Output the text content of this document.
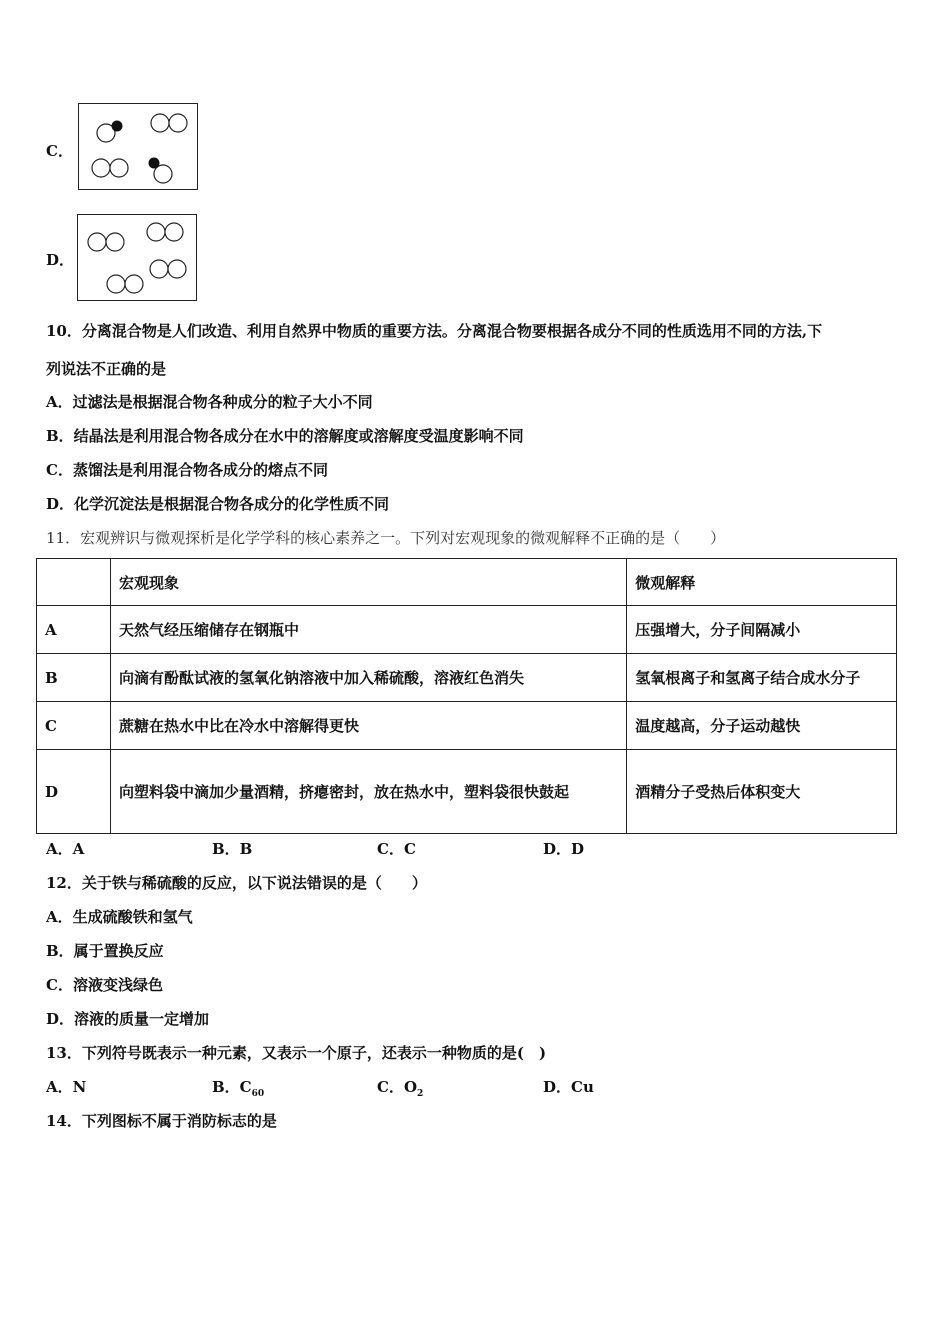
C．
D．
10．分离混合物是人们改造、利用自然界中物质的重要方法。分离混合物要根据各成分不同的性质选用不同的方法,下
列说法不正确的是
A．过滤法是根据混合物各种成分的粒子大小不同
B．结晶法是利用混合物各成分在水中的溶解度或溶解度受温度影响不同
C．蒸馏法是利用混合物各成分的熔点不同
D．化学沉淀法是根据混合物各成分的化学性质不同
11．宏观辨识与微观探析是化学学科的核心素养之一。下列对宏观现象的微观解释不正确的是（　　）
	宏观现象	微观解释
A	天然气经压缩储存在钢瓶中	压强增大，分子间隔减小
B	向滴有酚酞试液的氢氧化钠溶液中加入稀硫酸，溶液红色消失	氢氧根离子和氢离子结合成水分子
C	蔗糖在热水中比在冷水中溶解得更快	温度越高，分子运动越快
D	向塑料袋中滴加少量酒精，挤瘪密封，放在热水中，塑料袋很快鼓起	酒精分子受热后体积变大
A．A	B．B	C．C	D．D
12．关于铁与稀硫酸的反应，以下说法错误的是（　　）
A．生成硫酸铁和氢气
B．属于置换反应
C．溶液变浅绿色
D．溶液的质量一定增加
13．下列符号既表示一种元素，又表示一个原子，还表示一种物质的是(　)
A．N	B．$C_{60}$	C．$O_2$	D．Cu
14．下列图标不属于消防标志的是
